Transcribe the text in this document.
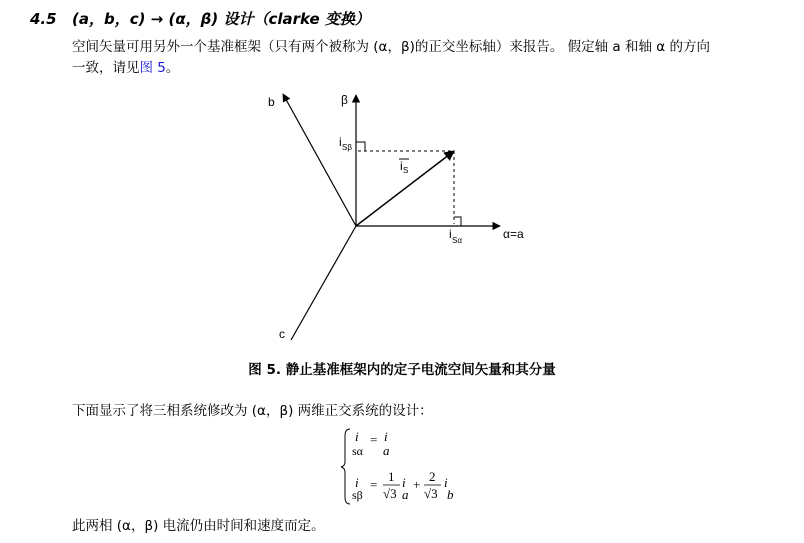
4.5 (a，b，c) → (α，β) 设计（clarke 变换）
空间矢量可用另外一个基准框架（只有两个被称为 (α，β)的正交坐标轴）来报告。 假定轴 a 和轴 α 的方向
一致，请见图 5。
b	β
c
α=a
i Sβ
i S
i Sα
i
sα
= i
a
i
sβ
=
1
√3
i
a
+
2
√3
i
b
图 5. 静止基准框架内的定子电流空间矢量和其分量
下面显示了将三相系统修改为 (α，β) 两维正交系统的设计：
此两相 (α，β) 电流仍由时间和速度而定。
